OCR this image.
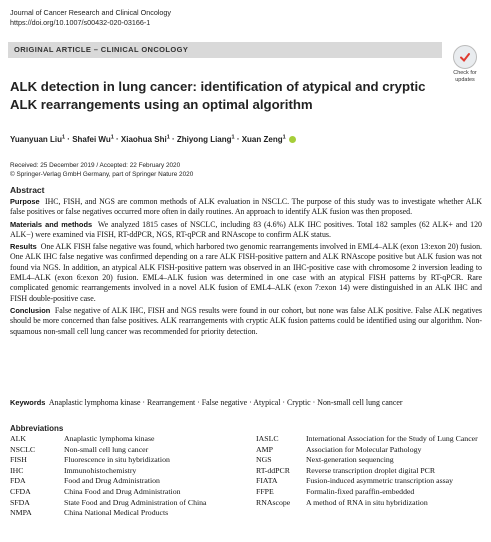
Journal of Cancer Research and Clinical Oncology
https://doi.org/10.1007/s00432-020-03166-1
Check for
updates
ORIGINAL ARTICLE – CLINICAL ONCOLOGY
ALK detection in lung cancer: identification of atypical and cryptic ALK rearrangements using an optimal algorithm
Yuanyuan Liu$^1$ · Shafei $Wu^1$ · Xiaohua Shi$^1$ · Zhiyong Liang$^1$ · Xuan Zeng$^1$
Received: 25 December 2019 / Accepted: 22 February 2020
© Springer-Verlag GmbH Germany, part of Springer Nature 2020
Abstract

Purpose IHC, FISH, and NGS are common methods of ALK evaluation in NSCLC. The purpose of this study was to investigate whether ALK false positives or false negatives occurred more often in daily routines. An approach to identify ALK fusion was then proposed.

Materials and methods We analyzed 1815 cases of NSCLC, including 83 (4.6%) ALK IHC positives. Total 182 samples (62 ALK+ and 120 ALK−) were examined via FISH, RT-ddPCR, NGS, RT-qPCR and RNAscope to confirm ALK status.

Results One ALK FISH false negative was found, which harbored two genomic rearrangements involved in EML4–ALK (exon 13:exon 20) fusion. One ALK IHC false negative was confirmed depending on a rare ALK FISH-positive pattern and ALK RNAscope positive but ALK fusion was not found via NGS. In addition, an atypical ALK FISH-positive pattern was observed in an IHC-positive case with chromosome 2 inversion leading to EML4–ALK (exon 6:exon 20) fusion. EML4–ALK fusion was determined in one case with an atypical FISH patterns by RT-qPCR. Rare complicated genomic rearrangements involved in a novel ALK fusion of EML4–ALK (exon 7:exon 14) were distinguished in an ALK IHC and FISH double-positive case.

Conclusion False negative of ALK IHC, FISH and NGS results were found in our cohort, but none was false ALK positive. False ALK negatives should be more concerned than false positives. ALK rearrangements with cryptic ALK fusion patterns could be identified using our algorithm. Non-squamous non-small cell lung cancer was recommended for priority detection.

Keywords Anaplastic lymphoma kinase · Rearrangement · False negative · Atypical · Cryptic · Non-small cell lung cancer
Abbreviations
ALK	Anaplastic lymphoma kinase
NSCLC	Non-small cell lung cancer
FISH	Fluorescence in situ hybridization
IHC	Immunohistochemistry
FDA	Food and Drug Administration
CFDA	China Food and Drug Administration
SFDA	State Food and Drug Administration of China
NMPA	China National Medical Products
IASLC	International Association for the Study of Lung Cancer
AMP	Association for Molecular Pathology
NGS	Next-generation sequencing
RT-ddPCR	Reverse transcription droplet digital PCR
FIATA	Fusion-induced asymmetric transcription assay
FFPE	Formalin-fixed paraffin-embedded
RNAscope	A method of RNA in situ hybridization
